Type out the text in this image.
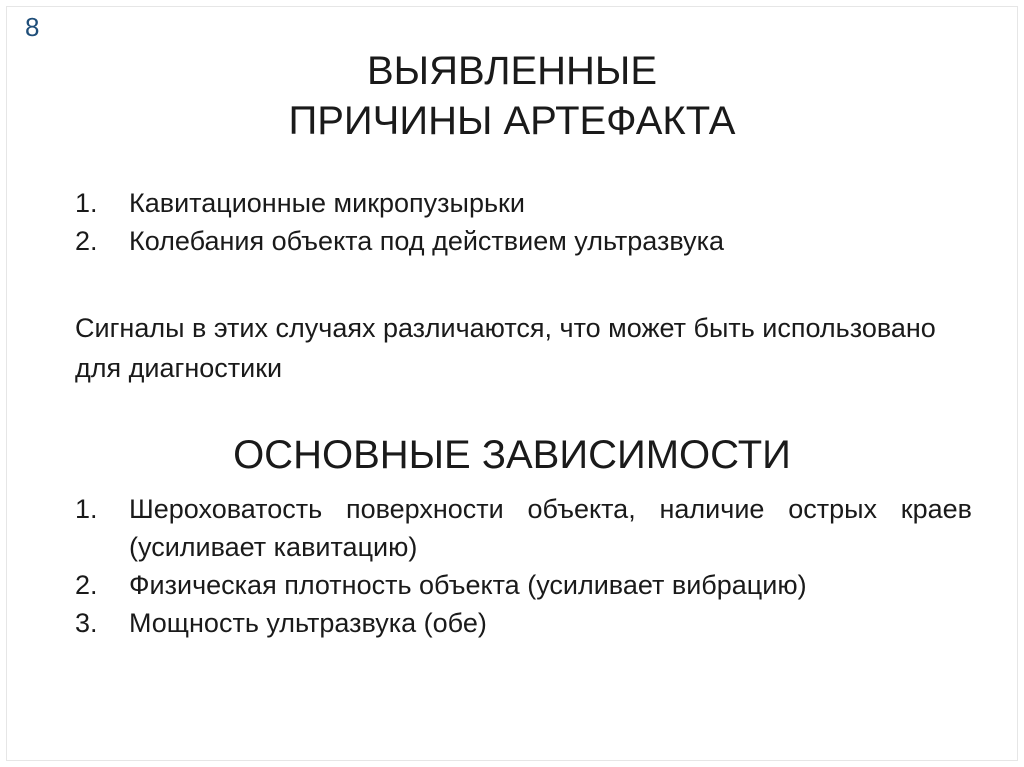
8
ВЫЯВЛЕННЫЕ
ПРИЧИНЫ АРТЕФАКТА
1. Кавитационные микропузырьки
2. Колебания объекта под действием ультразвука

Сигналы в этих случаях различаются, что может быть использовано для диагностики

ОСНОВНЫЕ ЗАВИСИМОСТИ
1. Шероховатость поверхности объекта, наличие острых краев (усиливает кавитацию)
2. Физическая плотность объекта (усиливает вибрацию)
3. Мощность ультразвука (обе)
